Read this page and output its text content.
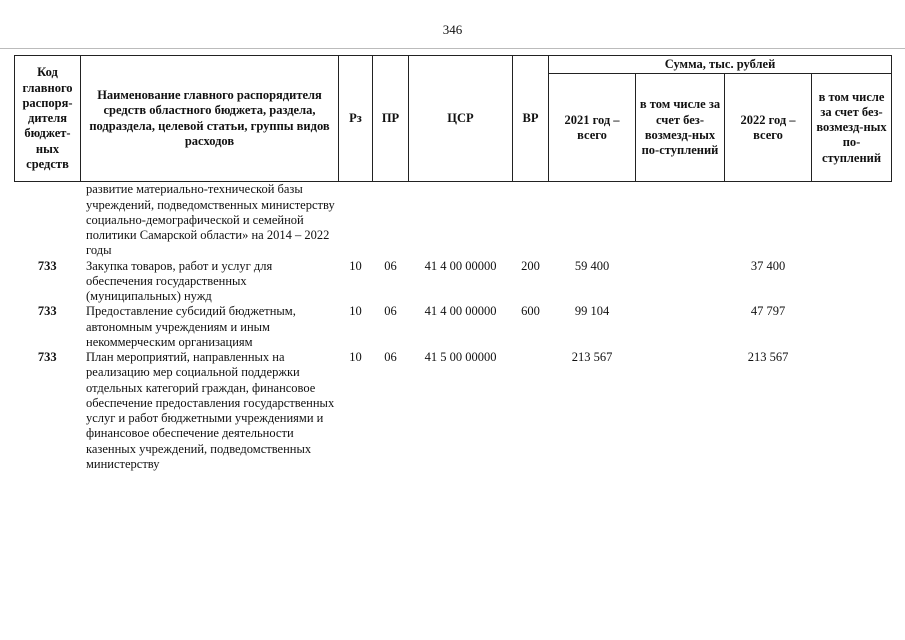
346
Код главного распоря-дителя бюджет-ных средств	Наименование главного распорядителя средств областного бюджета, раздела, подраздела, целевой статьи, группы видов расходов	Рз	ПР	ЦСР	ВР	Сумма, тыс. рублей			
						2021 год – всего	в том числе за счет без-возмезд-ных по-ступлений	2022 год – всего	в том числе за счет без-возмезд-ных по-ступлений
	развитие материально-технической базы учреждений, подведомственных министерству социально-демографической и семейной политики Самарской области» на 2014 – 2022 годы								
733	Закупка товаров, работ и услуг для обеспечения государственных (муниципальных) нужд	10	06	41 4 00 00000	200	59 400		37 400	
733	Предоставление субсидий бюджетным, автономным учреждениям и иным некоммерческим организациям	10	06	41 4 00 00000	600	99 104		47 797	
733	План мероприятий, направленных на реализацию мер социальной поддержки отдельных категорий граждан, финансовое обеспечение предоставления государственных услуг и работ бюджетными учреждениями и финансовое обеспечение деятельности казенных учреждений, подведомственных министерству	10	06	41 5 00 00000		213 567		213 567	
